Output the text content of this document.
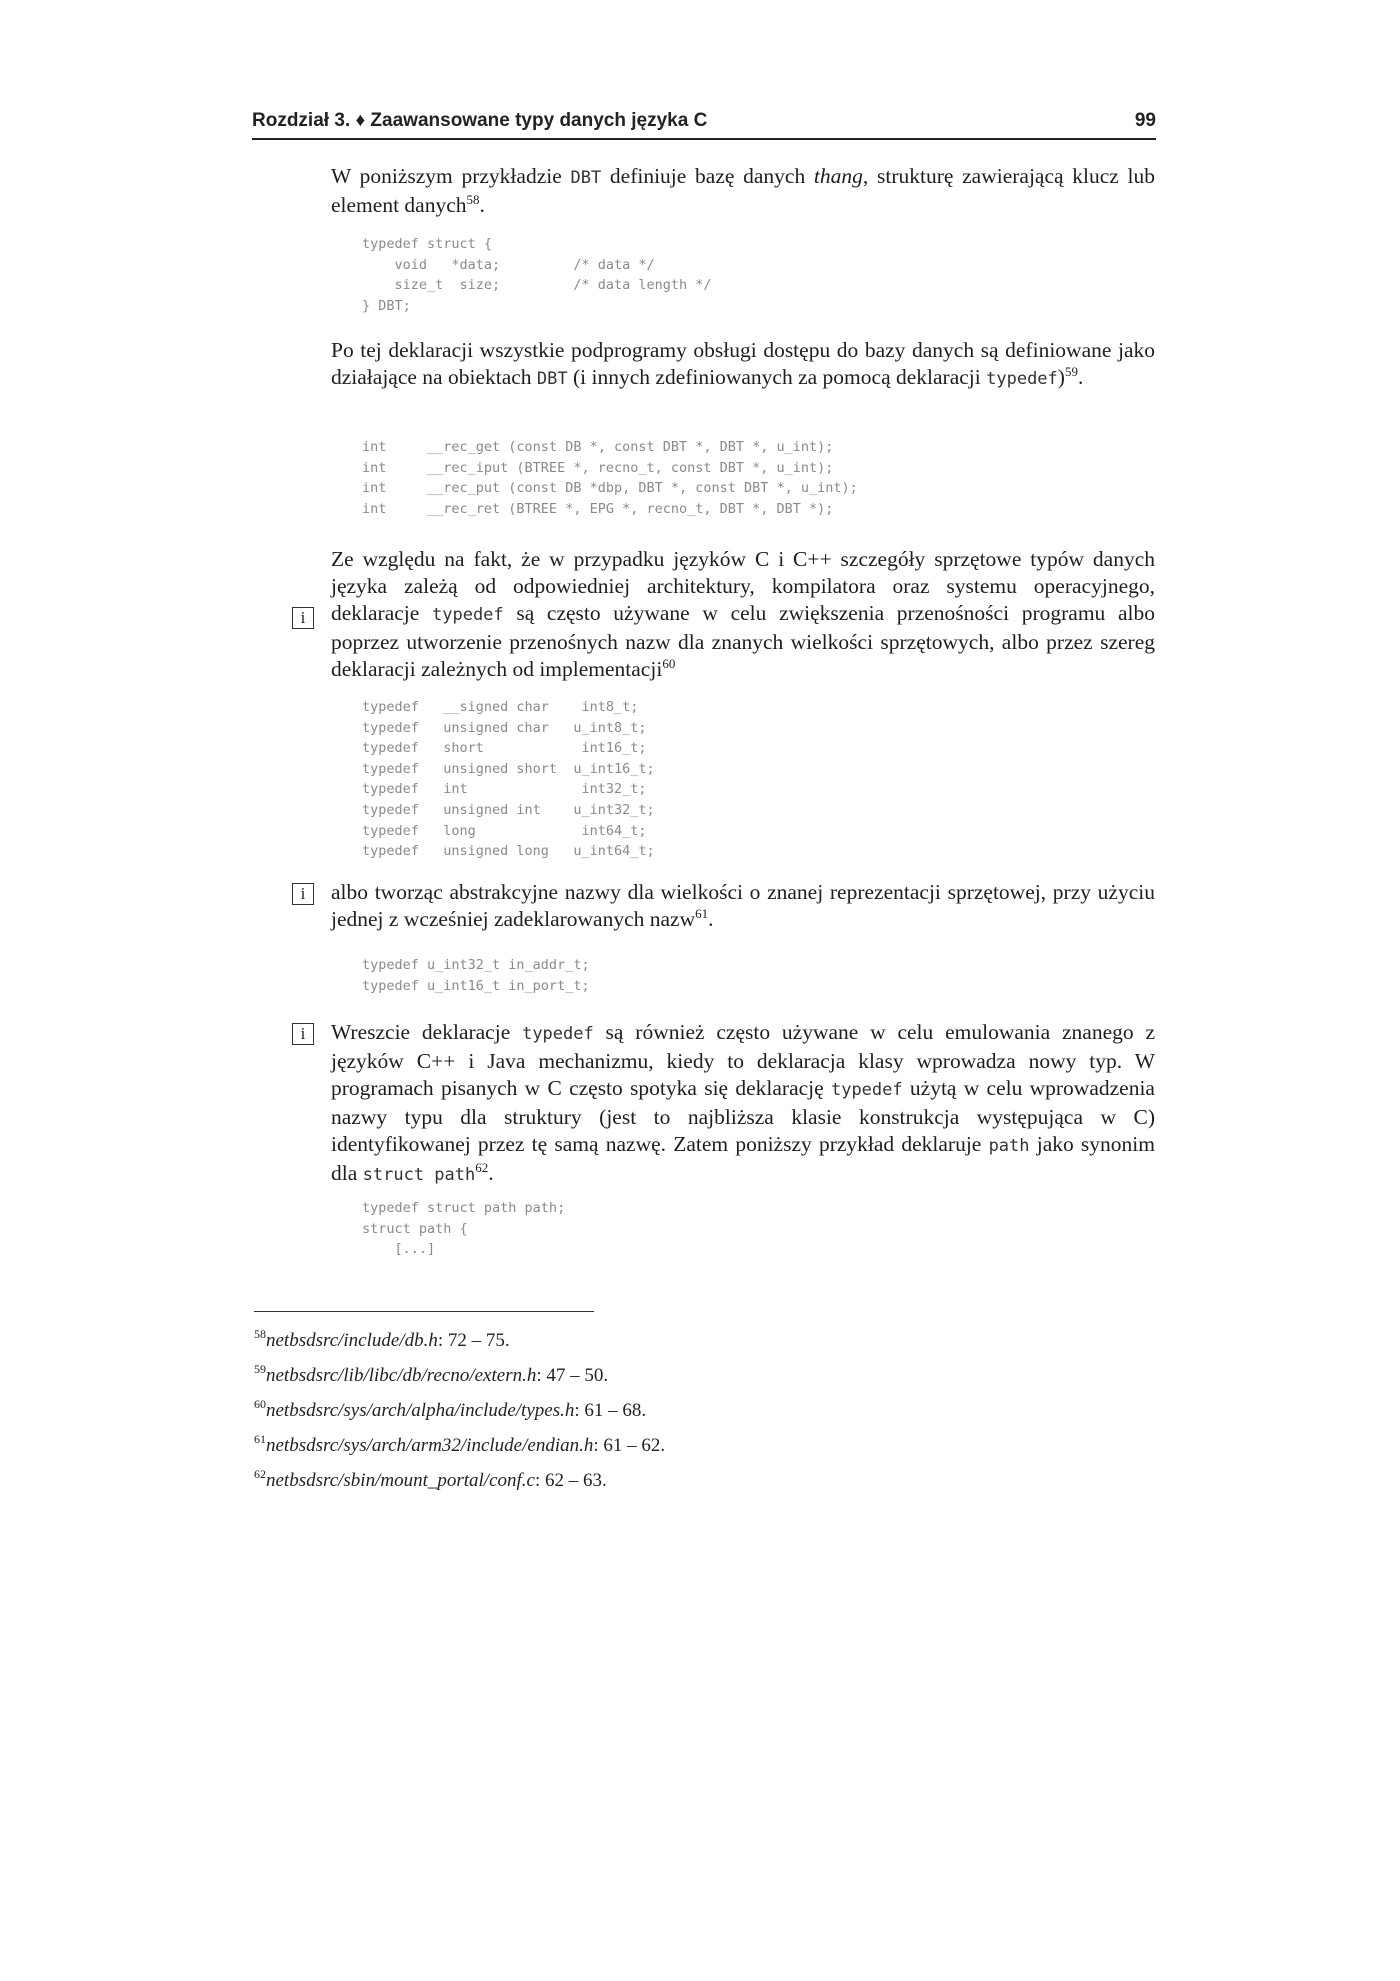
Rozdział 3. ♦ Zaawansowane typy danych języka C	99

W poniższym przykładzie DBT definiuje bazę danych thang, strukturę zawierającą klucz lub element danych$^{58}$.

typedef struct {
void   *data;         /* data */
size_t  size;         /* data length */
} DBT;

Po tej deklaracji wszystkie podprogramy obsługi dostępu do bazy danych są definiowane jako działające na obiektach DBT (i innych zdefiniowanych za pomocą deklaracji typedef)$^{59}$.

int     __rec_get (const DB *, const DBT *, DBT *, u_int);
int     __rec_iput (BTREE *, recno_t, const DBT *, u_int);
int     __rec_put (const DB *dbp, DBT *, const DBT *, u_int);
int     __rec_ret (BTREE *, EPG *, recno_t, DBT *, DBT *);

Ze względu na fakt, że w przypadku języków C i C++ szczegóły sprzętowe typów danych języka zależą od odpowiedniej architektury, kompilatora oraz systemu operacyjnego, deklaracje typedef są często używane w celu zwiększenia przenośności programu albo poprzez utworzenie przenośnych nazw dla znanych wielkości sprzętowych, albo przez szereg deklaracji zależnych od implementacji$^{60}$

i
typedef   __signed char    int8_t;
typedef   unsigned char   u_int8_t;
typedef   short            int16_t;
typedef   unsigned short  u_int16_t;
typedef   int              int32_t;
typedef   unsigned int    u_int32_t;
typedef   long             int64_t;
typedef   unsigned long   u_int64_t;
i	albo tworząc abstrakcyjne nazwy dla wielkości o znanej reprezentacji sprzętowej, przy użyciu jednej z wcześniej zadeklarowanych nazw$^{61}$.

typedef u_int32_t in_addr_t;
typedef u_int16_t in_port_t;
i	Wreszcie deklaracje typedef są również często używane w celu emulowania znanego z języków C++ i Java mechanizmu, kiedy to deklaracja klasy wprowadza nowy typ. W programach pisanych w C często spotyka się deklarację typedef użytą w celu wprowadzenia nazwy typu dla struktury (jest to najbliższa klasie konstrukcja występująca w C) identyfikowanej przez tę samą nazwę. Zatem poniższy przykład deklaruje path jako synonim dla struct path$^{62}$.

typedef struct path path;
struct path {
[...]
$^{58}$netbsdsrc/include/db.h: 72 – 75.
$^{59}$netbsdsrc/lib/libc/db/recno/extern.h: 47 – 50.
$^{60}$netbsdsrc/sys/arch/alpha/include/types.h: 61 – 68.
$^{61}$netbsdsrc/sys/arch/arm32/include/endian.h: 61 – 62.
$^{62}$netbsdsrc/sbin/mount_portal/conf.c: 62 – 63.
